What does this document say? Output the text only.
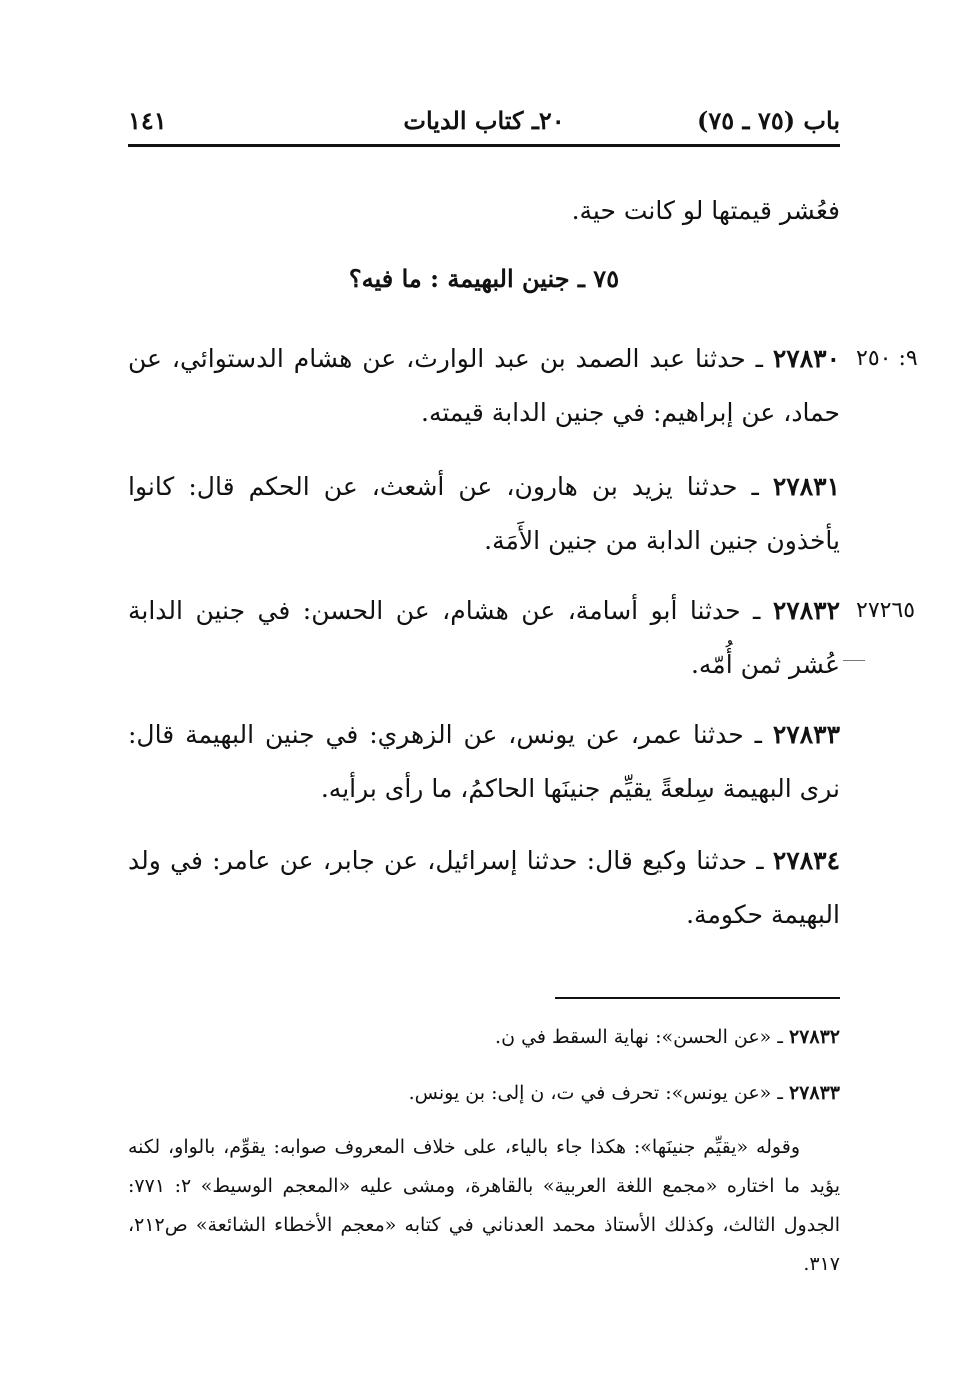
باب (٧٥ ـ ٧٥)
٢٠ـ كتاب الديات
١٤١
فعُشر قيمتها لو كانت حية.
٧٥ ـ جنين البهيمة : ما فيه؟
٢٧٨٣٠ ـ حدثنا عبد الصمد بن عبد الوارث، عن هشام الدستوائي، عن حماد، عن إبراهيم: في جنين الدابة قيمته.
٩: ٢٥٠
٢٧٨٣١ ـ حدثنا يزيد بن هارون، عن أشعث، عن الحكم قال: كانوا يأخذون جنين الدابة من جنين الأَمَة.
٢٧٨٣٢ ـ حدثنا أبو أسامة، عن هشام، عن الحسن: في جنين الدابة عُشر ثمن أُمّه.
٢٧٢٦٥
٢٧٨٣٣ ـ حدثنا عمر، عن يونس، عن الزهري: في جنين البهيمة قال: نرى البهيمة سِلعةً يقيِّم جنينَها الحاكمُ، ما رأى برأيه.
٢٧٨٣٤ ـ حدثنا وكيع قال: حدثنا إسرائيل، عن جابر، عن عامر: في ولد البهيمة حكومة.
٢٧٨٣٢ ـ «عن الحسن»: نهاية السقط في ن.
٢٧٨٣٣ ـ «عن يونس»: تحرف في ت، ن إلى: بن يونس.
وقوله «يقيِّم جنينَها»: هكذا جاء بالياء، على خلاف المعروف صوابه: يقوِّم، بالواو، لكنه يؤيد ما اختاره «مجمع اللغة العربية» بالقاهرة، ومشى عليه «المعجم الوسيط» ٢: ٧٧١: الجدول الثالث، وكذلك الأستاذ محمد العدناني في كتابه «معجم الأخطاء الشائعة» ص٢١٢، ٣١٧.
